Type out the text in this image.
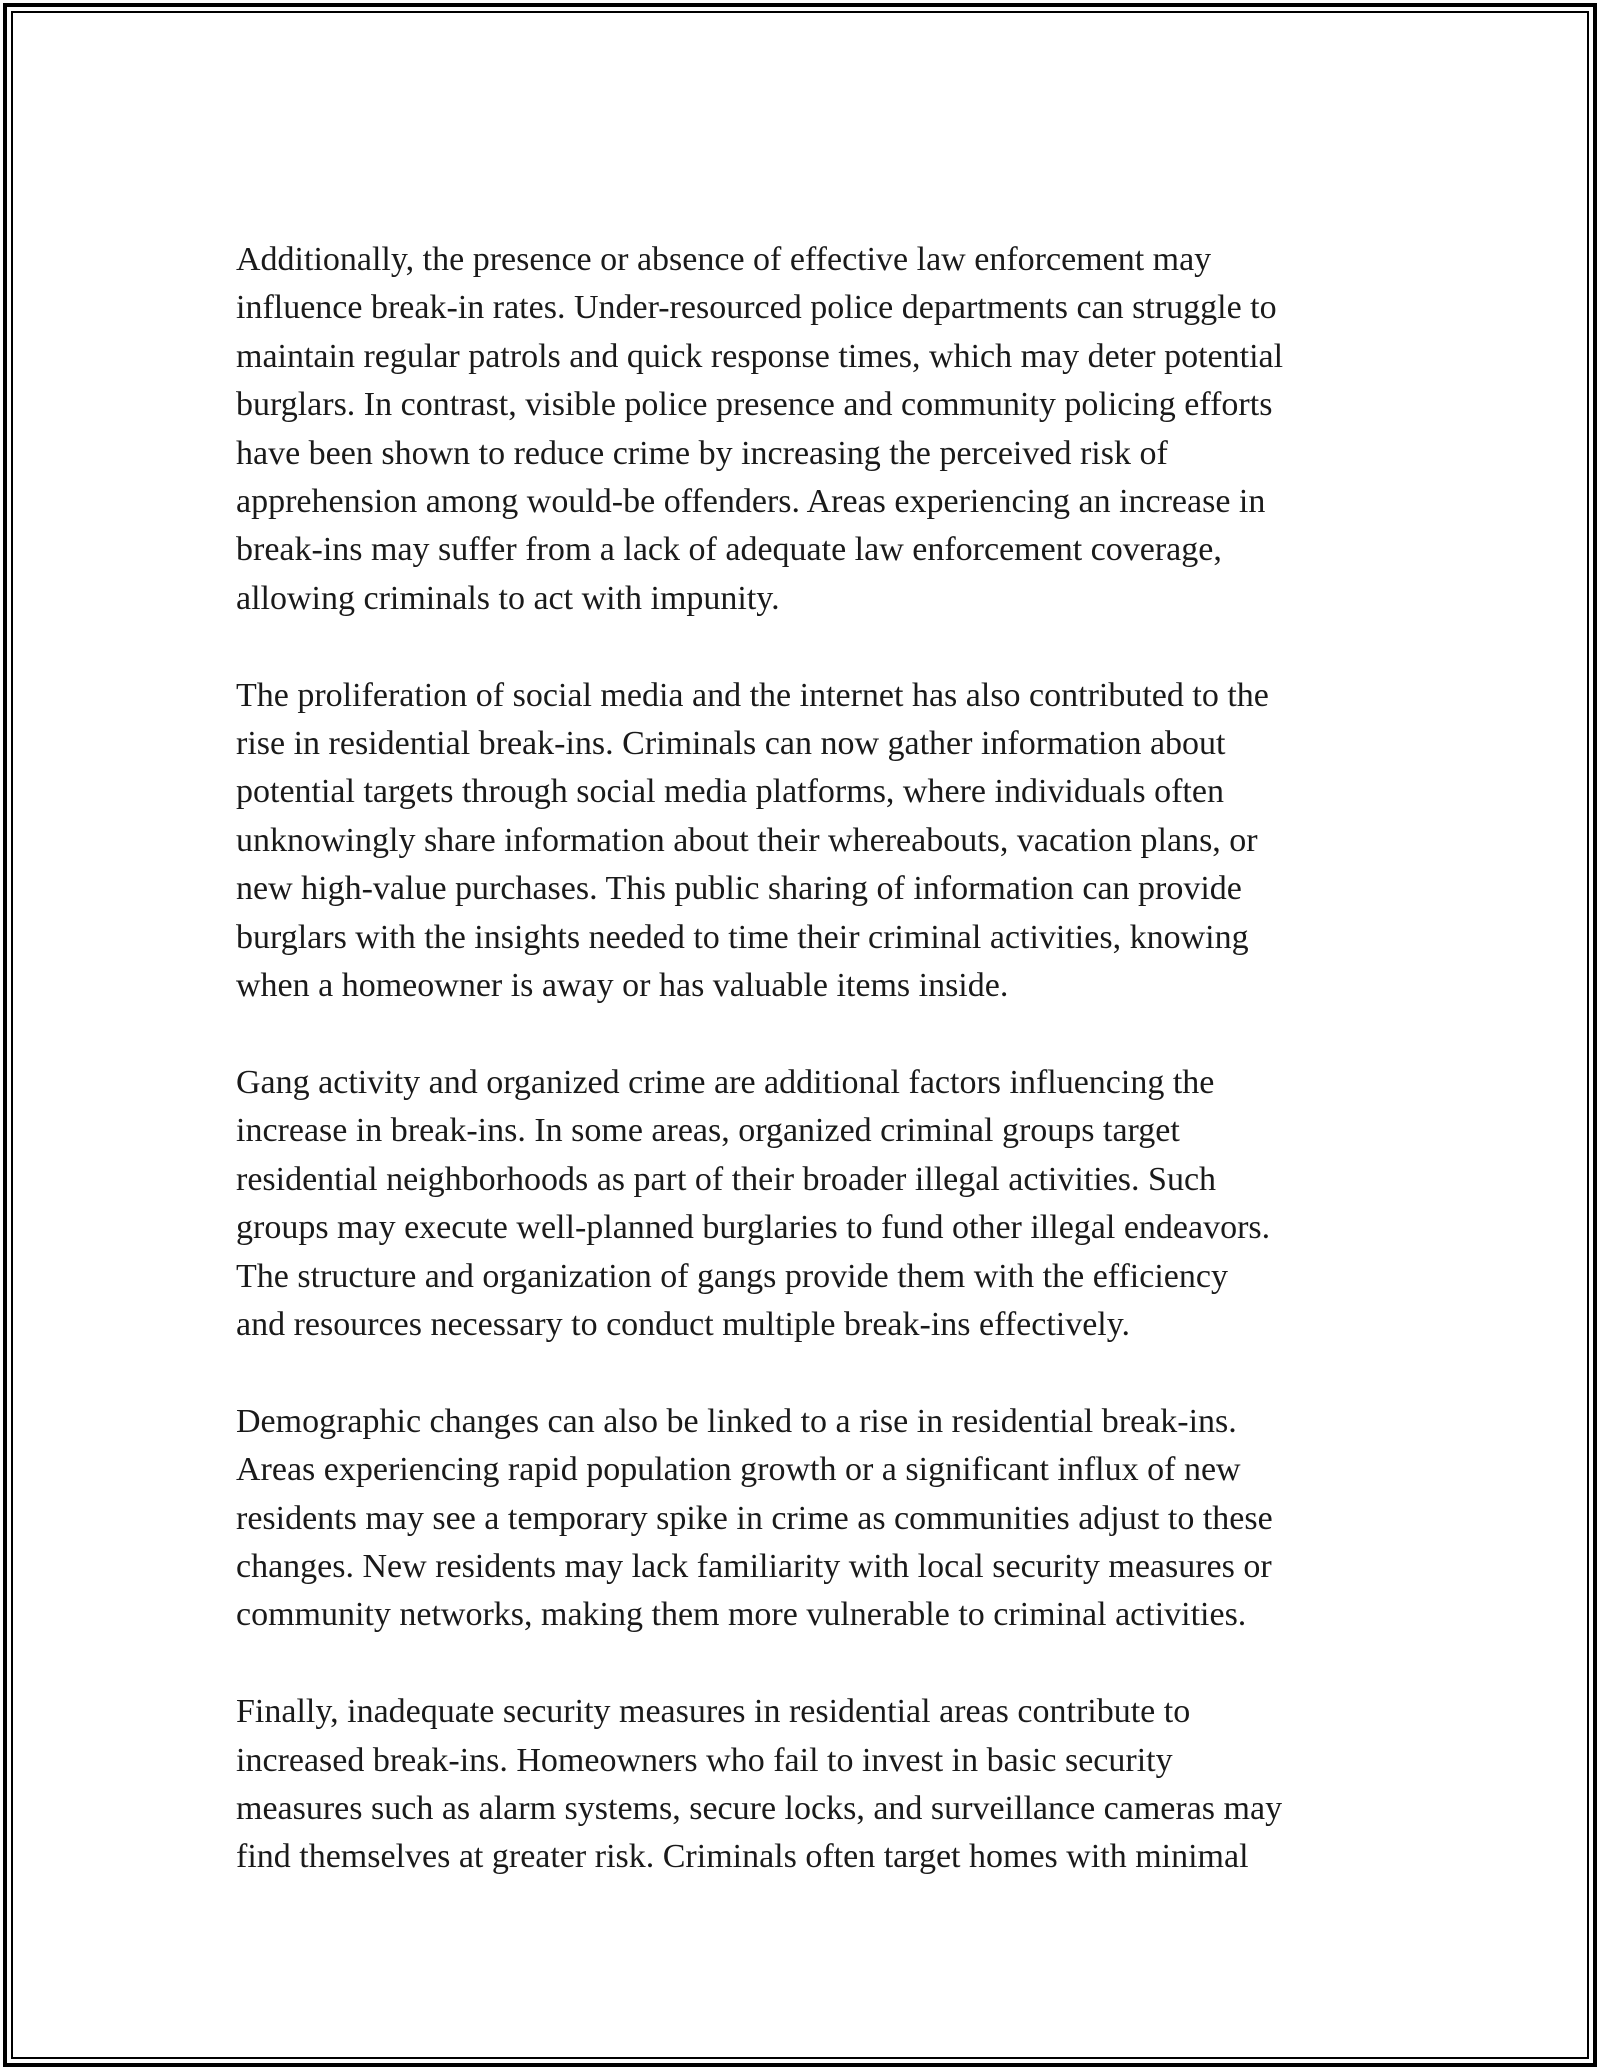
Additionally, the presence or absence of effective law enforcement may
influence break-in rates. Under-resourced police departments can struggle to
maintain regular patrols and quick response times, which may deter potential
burglars. In contrast, visible police presence and community policing efforts
have been shown to reduce crime by increasing the perceived risk of
apprehension among would-be offenders. Areas experiencing an increase in
break-ins may suffer from a lack of adequate law enforcement coverage,
allowing criminals to act with impunity.

The proliferation of social media and the internet has also contributed to the
rise in residential break-ins. Criminals can now gather information about
potential targets through social media platforms, where individuals often
unknowingly share information about their whereabouts, vacation plans, or
new high-value purchases. This public sharing of information can provide
burglars with the insights needed to time their criminal activities, knowing
when a homeowner is away or has valuable items inside.

Gang activity and organized crime are additional factors influencing the
increase in break-ins. In some areas, organized criminal groups target
residential neighborhoods as part of their broader illegal activities. Such
groups may execute well-planned burglaries to fund other illegal endeavors.
The structure and organization of gangs provide them with the efficiency
and resources necessary to conduct multiple break-ins effectively.

Demographic changes can also be linked to a rise in residential break-ins.
Areas experiencing rapid population growth or a significant influx of new
residents may see a temporary spike in crime as communities adjust to these
changes. New residents may lack familiarity with local security measures or
community networks, making them more vulnerable to criminal activities.

Finally, inadequate security measures in residential areas contribute to
increased break-ins. Homeowners who fail to invest in basic security
measures such as alarm systems, secure locks, and surveillance cameras may
find themselves at greater risk. Criminals often target homes with minimal
